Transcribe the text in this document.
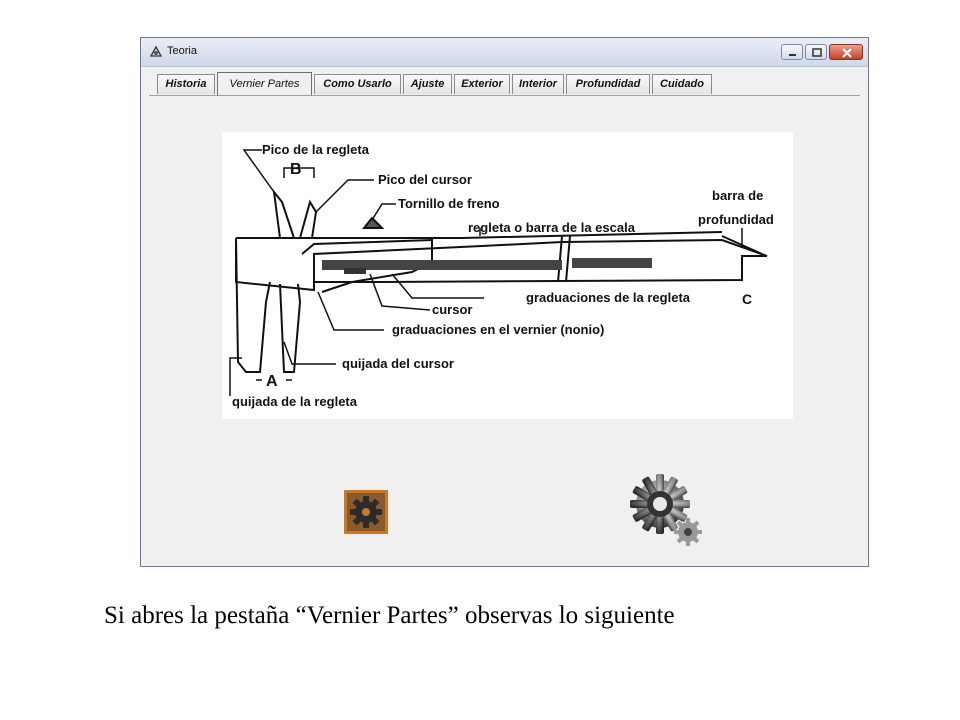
Teoria
Historia	Vernier Partes	Como Usarlo	Ajuste	Exterior	Interior	Profundidad	Cuidado
Pico de la regleta
B
Pico del cursor
Tornillo de freno
regleta o barra de la escala
barra de
profundidad
graduaciones de la regleta	C
cursor
graduaciones en el vernier (nonio)
quijada del cursor
A
quijada de la regleta
Si abres la pestaña “Vernier Partes” observas lo siguiente
